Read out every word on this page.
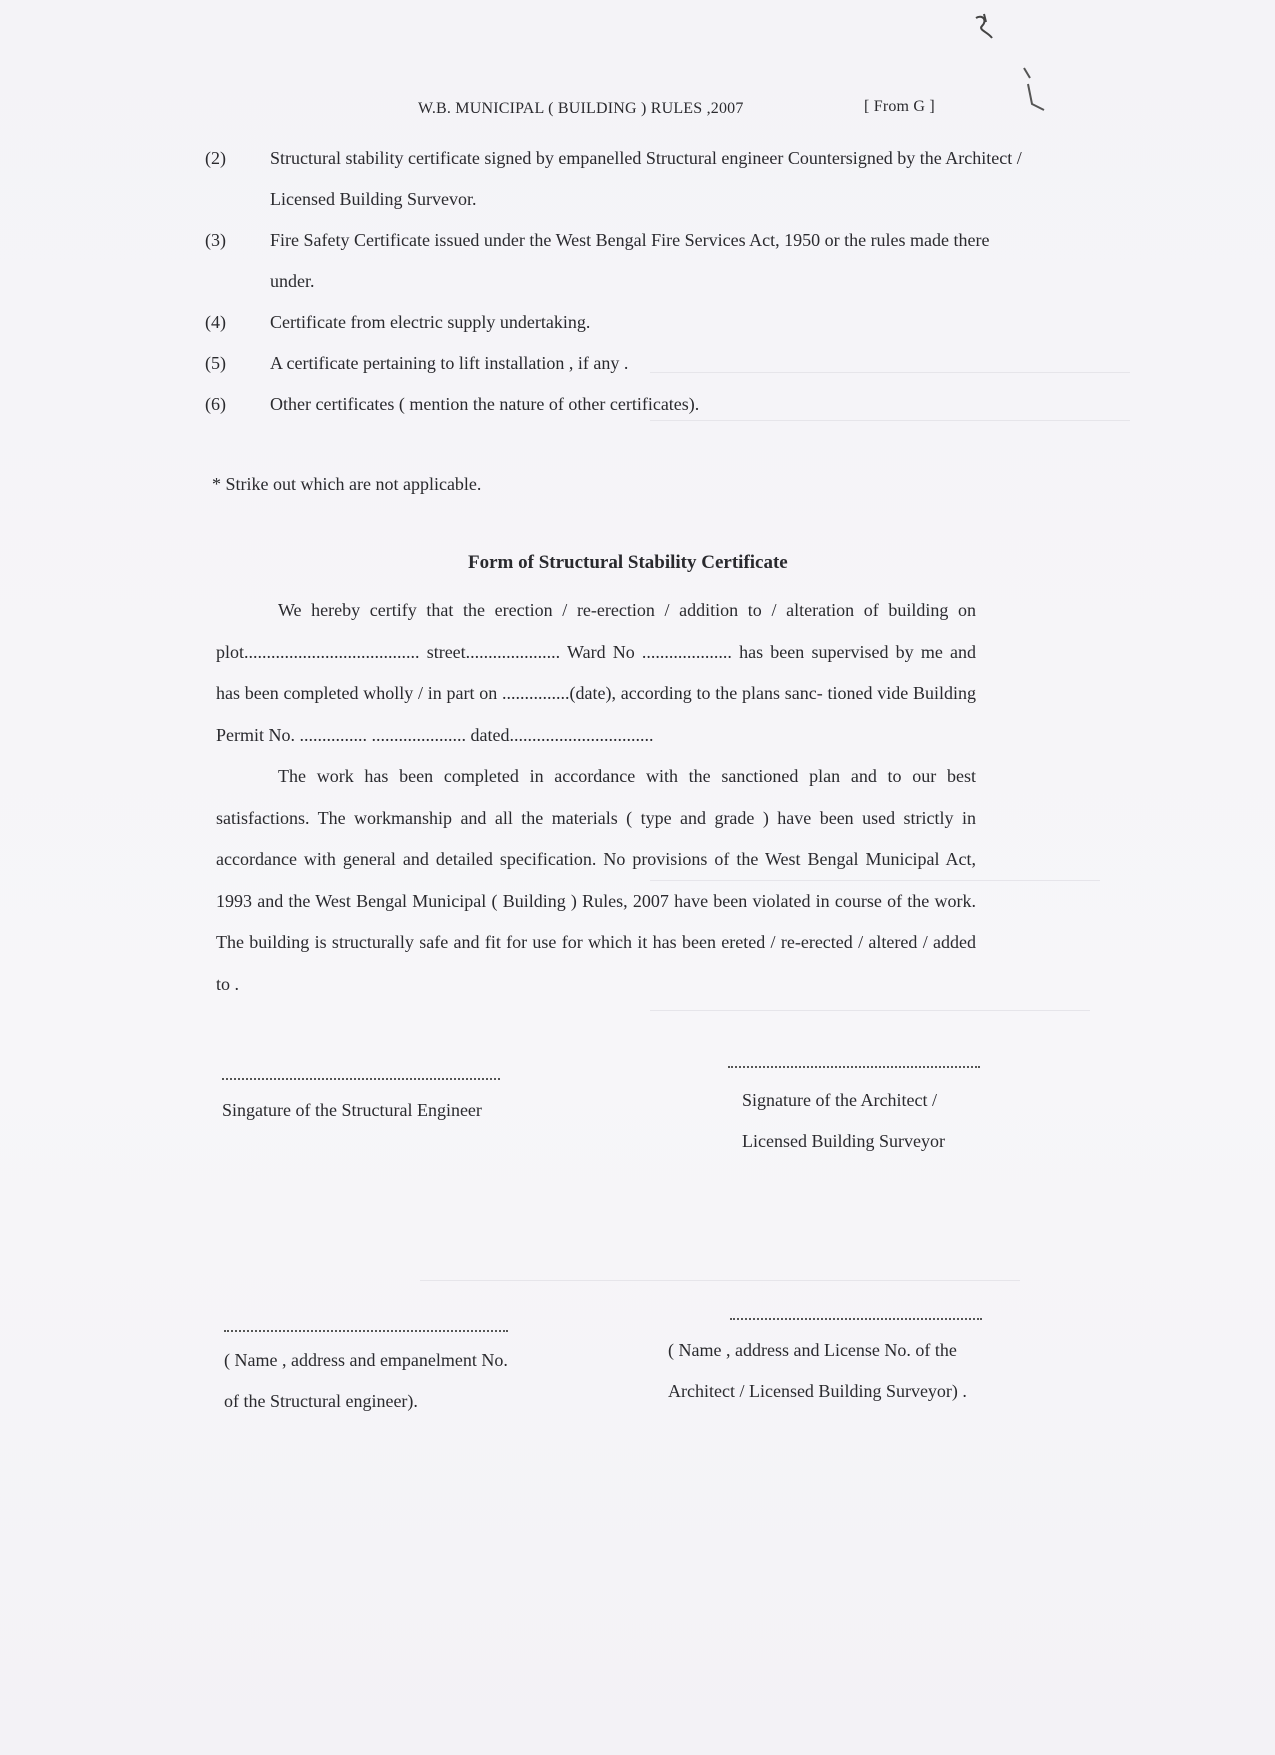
W.B. MUNICIPAL ( BUILDING ) RULES ,2007	[ From G ]
(2)	Structural stability certificate signed by empanelled Structural engineer Countersigned by the Architect / Licensed Building Survevor.
(3)	Fire Safety Certificate issued under the West Bengal Fire Services Act, 1950 or the rules made there under.
(4)	Certificate from electric supply undertaking.
(5)	A certificate pertaining to lift installation , if any .
(6)	Other certificates ( mention the nature of other certificates).
* Strike out which are not applicable.
Form of Structural Stability Certificate

We hereby certify that the erection / re-erection / addition to / alteration of building on plot....................................... street..................... Ward No .................... has been supervised by me and has been completed wholly / in part on ...............(date), according to the plans sanc- tioned vide Building Permit No. ............... ..................... dated................................

The work has been completed in accordance with the sanctioned plan and to our best satisfactions. The workmanship and all the materials ( type and grade ) have been used strictly in accordance with general and detailed specification. No provisions of the West Bengal Municipal Act, 1993 and the West Bengal Municipal ( Building ) Rules, 2007 have been violated in course of the work. The building is structurally safe and fit for use for which it has been ereted / re-erected / altered / added to .

Singature of the Structural Engineer	Signature of the Architect /
Licensed Building Surveyor
( Name , address and empanelment No.
of the Structural engineer).
( Name , address and License No. of the
Architect / Licensed Building Surveyor) .
